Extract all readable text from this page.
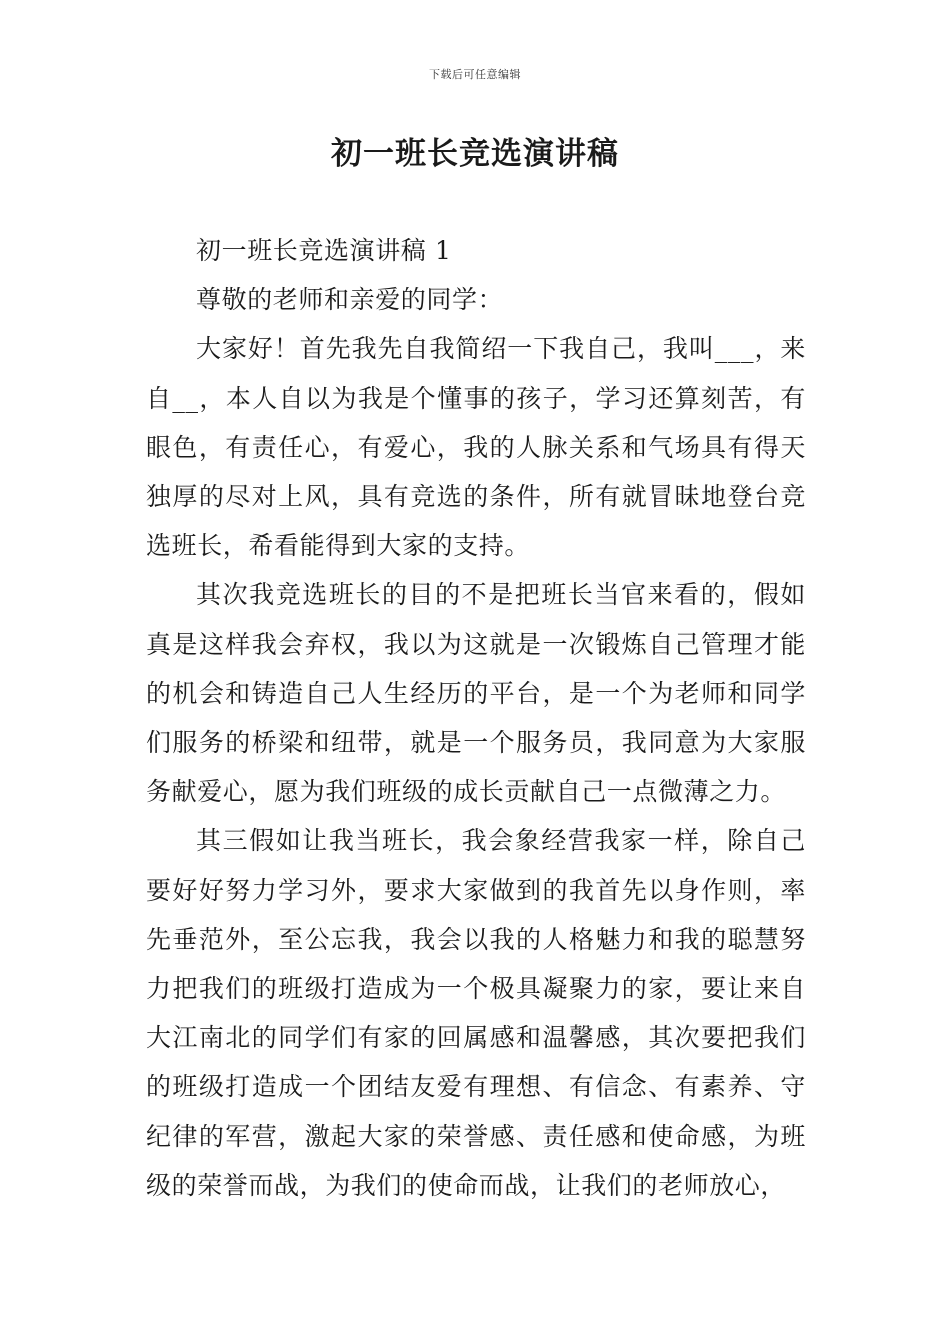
下载后可任意编辑
初一班长竞选演讲稿

初一班长竞选演讲稿 1

尊敬的老师和亲爱的同学：

大家好！首先我先自我简绍一下我自己，我叫___，来自__，本人自以为我是个懂事的孩子，学习还算刻苦，有眼色，有责任心，有爱心，我的人脉关系和气场具有得天独厚的尽对上风，具有竞选的条件，所有就冒昧地登台竞选班长，希看能得到大家的支持。

其次我竞选班长的目的不是把班长当官来看的，假如真是这样我会弃权，我以为这就是一次锻炼自己管理才能的机会和铸造自己人生经历的平台，是一个为老师和同学们服务的桥梁和纽带，就是一个服务员，我同意为大家服务献爱心，愿为我们班级的成长贡献自己一点微薄之力。

其三假如让我当班长，我会象经营我家一样，除自己要好好努力学习外，要求大家做到的我首先以身作则，率先垂范外，至公忘我，我会以我的人格魅力和我的聪慧努力把我们的班级打造成为一个极具凝聚力的家，要让来自大江南北的同学们有家的回属感和温馨感，其次要把我们的班级打造成一个团结友爱有理想、有信念、有素养、守纪律的军营，激起大家的荣誉感、责任感和使命感，为班级的荣誉而战，为我们的使命而战，让我们的老师放心，
